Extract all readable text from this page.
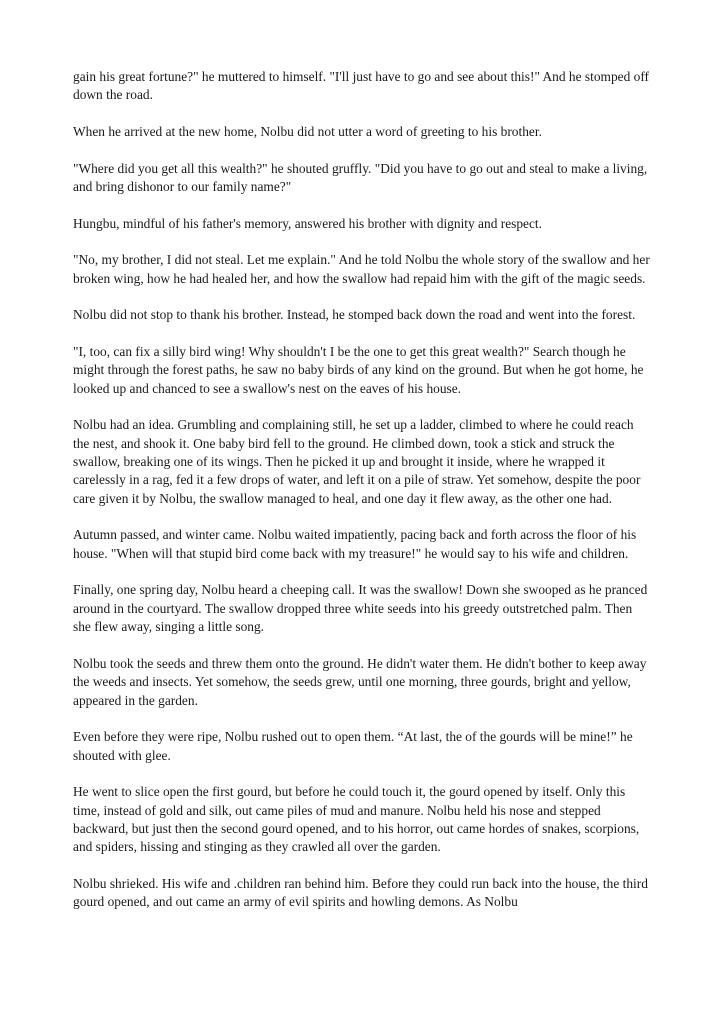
gain his great fortune?" he muttered to himself. "I'll just have to go and see about this!" And he stomped off down the road.

When he arrived at the new home, Nolbu did not utter a word of greeting to his brother.

"Where did you get all this wealth?" he shouted gruffly. "Did you have to go out and steal to make a living, and bring dishonor to our family name?"

Hungbu, mindful of his father's memory, answered his brother with dignity and respect.

"No, my brother, I did not steal. Let me explain." And he told Nolbu the whole story of the swallow and her broken wing, how he had healed her, and how the swallow had repaid him with the gift of the magic seeds.

Nolbu did not stop to thank his brother. Instead, he stomped back down the road and went into the forest.

"I, too, can fix a silly bird wing! Why shouldn't I be the one to get this great wealth?" Search though he might through the forest paths, he saw no baby birds of any kind on the ground. But when he got home, he looked up and chanced to see a swallow's nest on the eaves of his house.

Nolbu had an idea. Grumbling and complaining still, he set up a ladder, climbed to where he could reach the nest, and shook it. One baby bird fell to the ground. He climbed down, took a stick and struck the swallow, breaking one of its wings. Then he picked it up and brought it inside, where he wrapped it carelessly in a rag, fed it a few drops of water, and left it on a pile of straw. Yet somehow, despite the poor care given it by Nolbu, the swallow managed to heal, and one day it flew away, as the other one had.

Autumn passed, and winter came. Nolbu waited impatiently, pacing back and forth across the floor of his house. "When will that stupid bird come back with my treasure!" he would say to his wife and children.

Finally, one spring day, Nolbu heard a cheeping call. It was the swallow! Down she swooped as he pranced around in the courtyard. The swallow dropped three white seeds into his greedy outstretched palm. Then she flew away, singing a little song.

Nolbu took the seeds and threw them onto the ground. He didn't water them. He didn't bother to keep away the weeds and insects. Yet somehow, the seeds grew, until one morning, three gourds, bright and yellow, appeared in the garden.

Even before they were ripe, Nolbu rushed out to open them. “At last, the of the gourds will be mine!” he shouted with glee.

He went to slice open the first gourd, but before he could touch it, the gourd opened by itself. Only this time, instead of gold and silk, out came piles of mud and manure. Nolbu held his nose and stepped backward, but just then the second gourd opened, and to his horror, out came hordes of snakes, scorpions, and spiders, hissing and stinging as they crawled all over the garden.

Nolbu shrieked. His wife and .children ran behind him. Before they could run back into the house, the third gourd opened, and out came an army of evil spirits and howling demons. As Nolbu
